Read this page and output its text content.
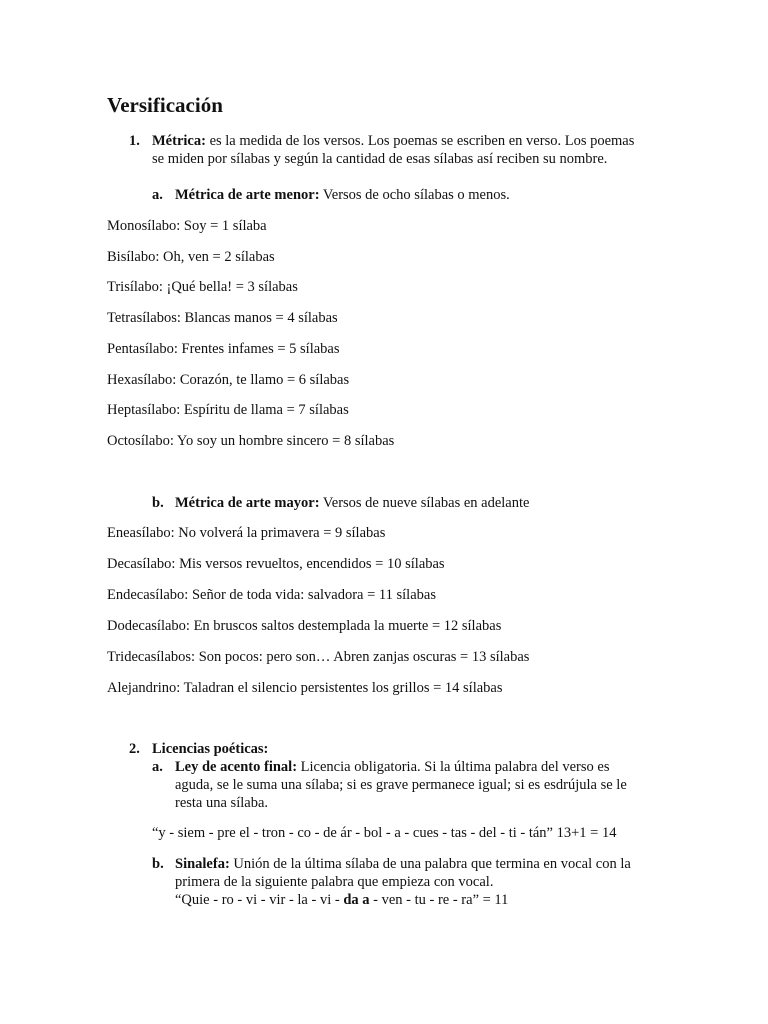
Versificación
1. Métrica: es la medida de los versos. Los poemas se escriben en verso. Los poemas

se miden por sílabas y según la cantidad de esas sílabas así reciben su nombre.

a. Métrica de arte menor: Versos de ocho sílabas o menos.

Monosílabo: Soy = 1 sílaba

Bisílabo: Oh, ven = 2 sílabas

Trisílabo: ¡Qué bella! = 3 sílabas

Tetrasílabos: Blancas manos = 4 sílabas

Pentasílabo: Frentes infames = 5 sílabas

Hexasílabo: Corazón, te llamo = 6 sílabas

Heptasílabo: Espíritu de llama = 7 sílabas

Octosílabo: Yo soy un hombre sincero = 8 sílabas

b. Métrica de arte mayor: Versos de nueve sílabas en adelante

Eneasílabo: No volverá la primavera = 9 sílabas

Decasílabo: Mis versos revueltos, encendidos = 10 sílabas

Endecasílabo: Señor de toda vida: salvadora = 11 sílabas

Dodecasílabo: En bruscos saltos destemplada la muerte = 12 sílabas

Tridecasílabos: Son pocos: pero son… Abren zanjas oscuras = 13 sílabas

Alejandrino: Taladran el silencio persistentes los grillos = 14 sílabas

2. Licencias poéticas:

a. Ley de acento final: Licencia obligatoria. Si la última palabra del verso es

aguda, se le suma una sílaba; si es grave permanece igual; si es esdrújula se le

resta una sílaba.

“y - siem - pre el - tron - co - de ár - bol - a - cues - tas - del - ti - tán” 13+1 = 14

b. Sinalefa: Unión de la última sílaba de una palabra que termina en vocal con la

primera de la siguiente palabra que empieza con vocal.

“Quie - ro - vi - vir - la - vi - da a - ven - tu - re - ra” = 11
